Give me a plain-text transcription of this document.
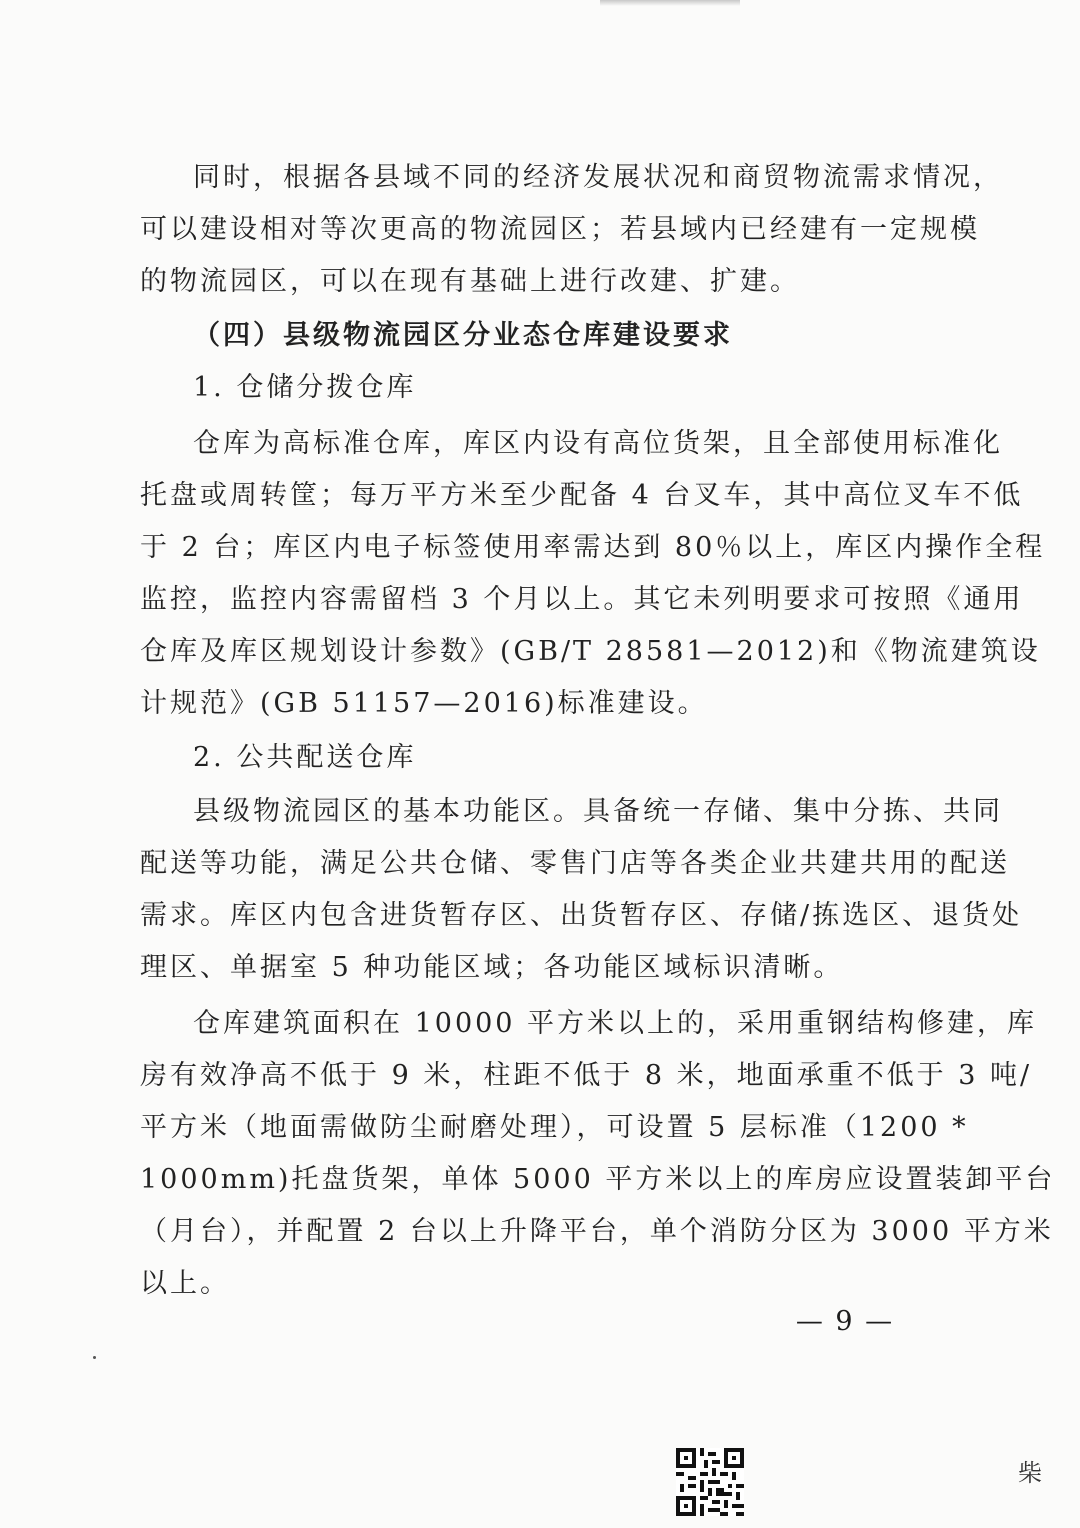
同时，根据各县域不同的经济发展状况和商贸物流需求情况，
可以建设相对等次更高的物流园区；若县域内已经建有一定规模
的物流园区，可以在现有基础上进行改建、扩建。
（四）县级物流园区分业态仓库建设要求
1. 仓储分拨仓库
仓库为高标准仓库，库区内设有高位货架，且全部使用标准化
托盘或周转筐；每万平方米至少配备 4 台叉车，其中高位叉车不低
于 2 台；库区内电子标签使用率需达到 80％以上，库区内操作全程
监控，监控内容需留档 3 个月以上。其它未列明要求可按照《通用
仓库及库区规划设计参数》(GB/T 28581—2012)和《物流建筑设
计规范》(GB 51157—2016)标准建设。
2. 公共配送仓库
县级物流园区的基本功能区。具备统一存储、集中分拣、共同
配送等功能，满足公共仓储、零售门店等各类企业共建共用的配送
需求。库区内包含进货暂存区、出货暂存区、存储/拣选区、退货处
理区、单据室 5 种功能区域；各功能区域标识清晰。
仓库建筑面积在 10000 平方米以上的，采用重钢结构修建，库
房有效净高不低于 9 米，柱距不低于 8 米，地面承重不低于 3 吨/
平方米（地面需做防尘耐磨处理），可设置 5 层标准（1200 *
1000mm)托盘货架，单体 5000 平方米以上的库房应设置装卸平台
（月台），并配置 2 台以上升降平台，单个消防分区为 3000 平方米
以上。
— 9 —
柴
